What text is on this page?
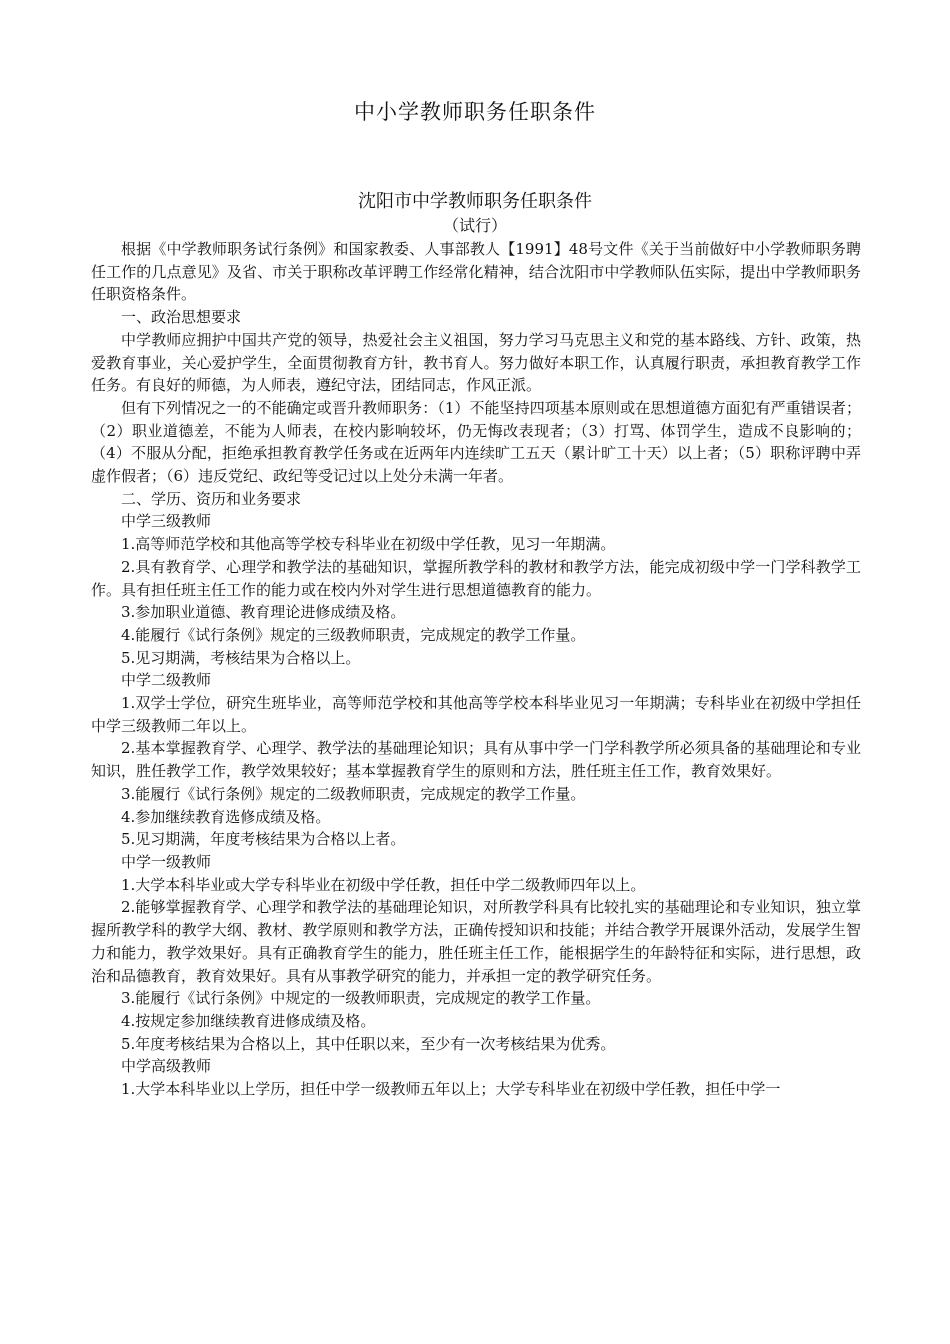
中小学教师职务任职条件
沈阳市中学教师职务任职条件
（试行）

根据《中学教师职务试行条例》和国家教委、人事部教人【1991】48号文件《关于当前做好中小学教师职务聘任工作的几点意见》及省、市关于职称改革评聘工作经常化精神，结合沈阳市中学教师队伍实际，提出中学教师职务任职资格条件。

一、政治思想要求

中学教师应拥护中国共产党的领导，热爱社会主义祖国，努力学习马克思主义和党的基本路线、方针、政策，热爱教育事业，关心爱护学生，全面贯彻教育方针，教书育人。努力做好本职工作，认真履行职责，承担教育教学工作任务。有良好的师德，为人师表，遵纪守法，团结同志，作风正派。

但有下列情况之一的不能确定或晋升教师职务：（1）不能坚持四项基本原则或在思想道德方面犯有严重错误者；（2）职业道德差，不能为人师表，在校内影响较坏，仍无悔改表现者；（3）打骂、体罚学生，造成不良影响的；（4）不服从分配，拒绝承担教育教学任务或在近两年内连续旷工五天（累计旷工十天）以上者；（5）职称评聘中弄虚作假者；（6）违反党纪、政纪等受记过以上处分未满一年者。

二、学历、资历和业务要求

中学三级教师

1.高等师范学校和其他高等学校专科毕业在初级中学任教，见习一年期满。

2.具有教育学、心理学和教学法的基础知识，掌握所教学科的教材和教学方法，能完成初级中学一门学科教学工作。具有担任班主任工作的能力或在校内外对学生进行思想道德教育的能力。

3.参加职业道德、教育理论进修成绩及格。

4.能履行《试行条例》规定的三级教师职责，完成规定的教学工作量。

5.见习期满，考核结果为合格以上。

中学二级教师

1.双学士学位，研究生班毕业，高等师范学校和其他高等学校本科毕业见习一年期满；专科毕业在初级中学担任中学三级教师二年以上。

2.基本掌握教育学、心理学、教学法的基础理论知识；具有从事中学一门学科教学所必须具备的基础理论和专业知识，胜任教学工作，教学效果较好；基本掌握教育学生的原则和方法，胜任班主任工作，教育效果好。

3.能履行《试行条例》规定的二级教师职责，完成规定的教学工作量。

4.参加继续教育选修成绩及格。

5.见习期满，年度考核结果为合格以上者。

中学一级教师

1.大学本科毕业或大学专科毕业在初级中学任教，担任中学二级教师四年以上。

2.能够掌握教育学、心理学和教学法的基础理论知识，对所教学科具有比较扎实的基础理论和专业知识，独立掌握所教学科的教学大纲、教材、教学原则和教学方法，正确传授知识和技能；并结合教学开展课外活动，发展学生智力和能力，教学效果好。具有正确教育学生的能力，胜任班主任工作，能根据学生的年龄特征和实际，进行思想，政治和品德教育，教育效果好。具有从事教学研究的能力，并承担一定的教学研究任务。

3.能履行《试行条例》中规定的一级教师职责，完成规定的教学工作量。

4.按规定参加继续教育进修成绩及格。

5.年度考核结果为合格以上，其中任职以来，至少有一次考核结果为优秀。

中学高级教师

1.大学本科毕业以上学历，担任中学一级教师五年以上；大学专科毕业在初级中学任教，担任中学一
